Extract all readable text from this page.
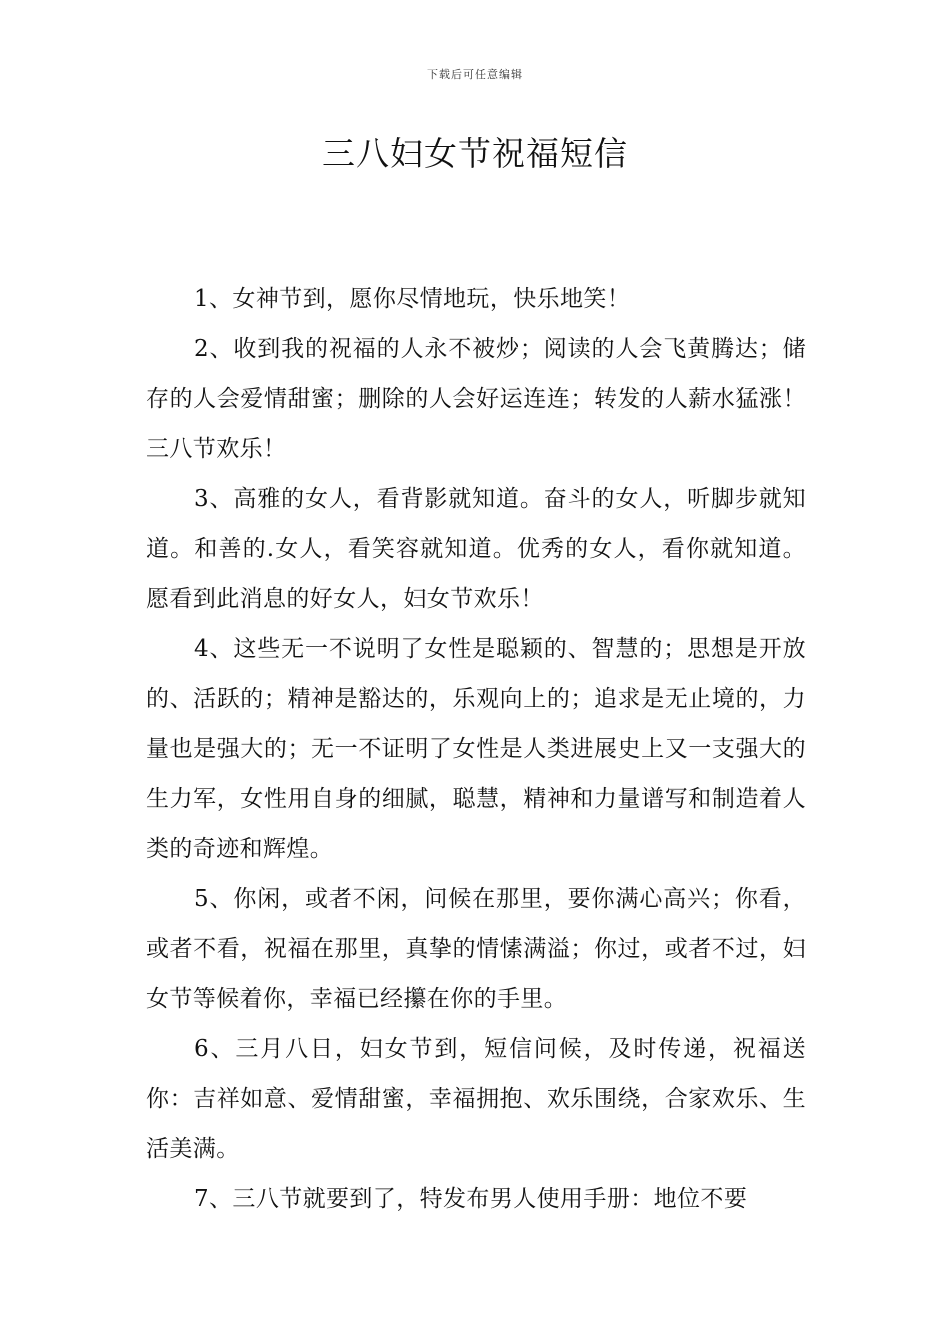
下载后可任意编辑
三八妇女节祝福短信

1、女神节到，愿你尽情地玩，快乐地笑！

2、收到我的祝福的人永不被炒；阅读的人会飞黄腾达；储存的人会爱情甜蜜；删除的人会好运连连；转发的人薪水猛涨！三八节欢乐！

3、高雅的女人，看背影就知道。奋斗的女人，听脚步就知道。和善的.女人，看笑容就知道。优秀的女人，看你就知道。愿看到此消息的好女人，妇女节欢乐！

4、这些无一不说明了女性是聪颖的、智慧的；思想是开放的、活跃的；精神是豁达的，乐观向上的；追求是无止境的，力量也是强大的；无一不证明了女性是人类进展史上又一支强大的生力军，女性用自身的细腻，聪慧，精神和力量谱写和制造着人类的奇迹和辉煌。

5、你闲，或者不闲，问候在那里，要你满心高兴；你看，或者不看，祝福在那里，真挚的情愫满溢；你过，或者不过，妇女节等候着你，幸福已经攥在你的手里。

6、三月八日，妇女节到，短信问候，及时传递，祝福送你：吉祥如意、爱情甜蜜，幸福拥抱、欢乐围绕，合家欢乐、生活美满。

7、三八节就要到了，特发布男人使用手册：地位不要
